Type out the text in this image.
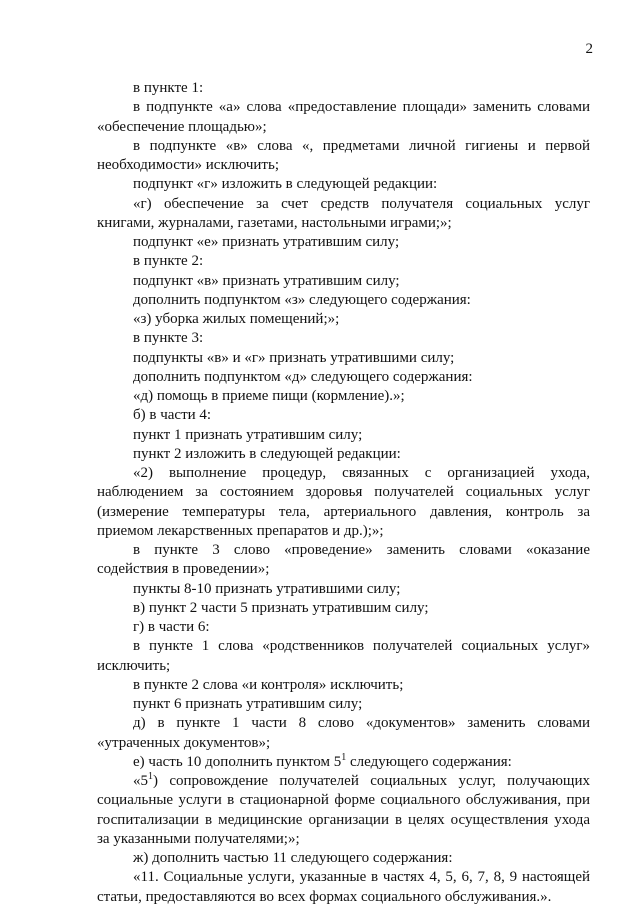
2

в пункте 1:

в подпункте «а» слова «предоставление площади» заменить словами «обеспечение площадью»;

в подпункте «в» слова «, предметами личной гигиены и первой необходимости» исключить;

подпункт «г» изложить в следующей редакции:

«г) обеспечение за счет средств получателя социальных услуг книгами, журналами, газетами, настольными играми;»;

подпункт «е» признать утратившим силу;

в пункте 2:

подпункт «в» признать утратившим силу;

дополнить подпунктом «з» следующего содержания:

«з) уборка жилых помещений;»;

в пункте 3:

подпункты «в» и «г» признать утратившими силу;

дополнить подпунктом «д» следующего содержания:

«д) помощь в приеме пищи (кормление).»;

б) в части 4:

пункт 1 признать утратившим силу;

пункт 2 изложить в следующей редакции:

«2) выполнение процедур, связанных с организацией ухода, наблюдением за состоянием здоровья получателей социальных услуг (измерение температуры тела, артериального давления, контроль за приемом лекарственных препаратов и др.);»;

в пункте 3 слово «проведение» заменить словами «оказание содействия в проведении»;

пункты 8-10 признать утратившими силу;

в) пункт 2 части 5 признать утратившим силу;

г) в части 6:

в пункте 1 слова «родственников получателей социальных услуг» исключить;

в пункте 2 слова «и контроля» исключить;

пункт 6 признать утратившим силу;

д) в пункте 1 части 8 слово «документов» заменить словами «утраченных документов»;

е) часть 10 дополнить пунктом $5^1$ следующего содержания:

«$5^1$) сопровождение получателей социальных услуг, получающих социальные услуги в стационарной форме социального обслуживания, при госпитализации в медицинские организации в целях осуществления ухода за указанными получателями;»;

ж) дополнить частью 11 следующего содержания:

«11. Социальные услуги, указанные в частях 4, 5, 6, 7, 8, 9 настоящей статьи, предоставляются во всех формах социального обслуживания.».
